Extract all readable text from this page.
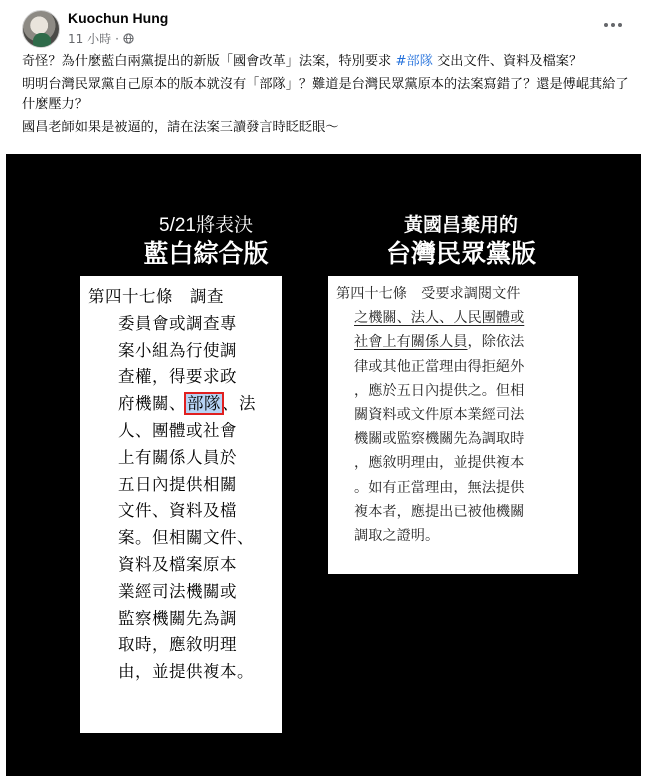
Kuochun Hung
11 小時 ·

奇怪？為什麼藍白兩黨提出的新版「國會改革」法案，特別要求 #部隊 交出文件、資料及檔案？

明明台灣民眾黨自己原本的版本就沒有「部隊」？難道是台灣民眾黨原本的法案寫錯了？還是傅崐萁給了什麼壓力？

國昌老師如果是被逼的，請在法案三讀發言時眨眨眼～

5/21將表決
藍白綜合版
黃國昌棄用的
台灣民眾黨版
第四十七條　調查
委員會或調查專
案小組為行使調
查權，得要求政
府機關、部隊、法
人、團體或社會
上有關係人員於
五日內提供相關
文件、資料及檔
案。但相關文件、
資料及檔案原本
業經司法機關或
監察機關先為調
取時，應敘明理
由，並提供複本。
第四十七條　受要求調閱文件
之機關、法人、人民團體或
社會上有關係人員，除依法
律或其他正當理由得拒絕外
，應於五日內提供之。但相
關資料或文件原本業經司法
機關或監察機關先為調取時
，應敘明理由，並提供複本
。如有正當理由，無法提供
複本者，應提出已被他機關
調取之證明。
